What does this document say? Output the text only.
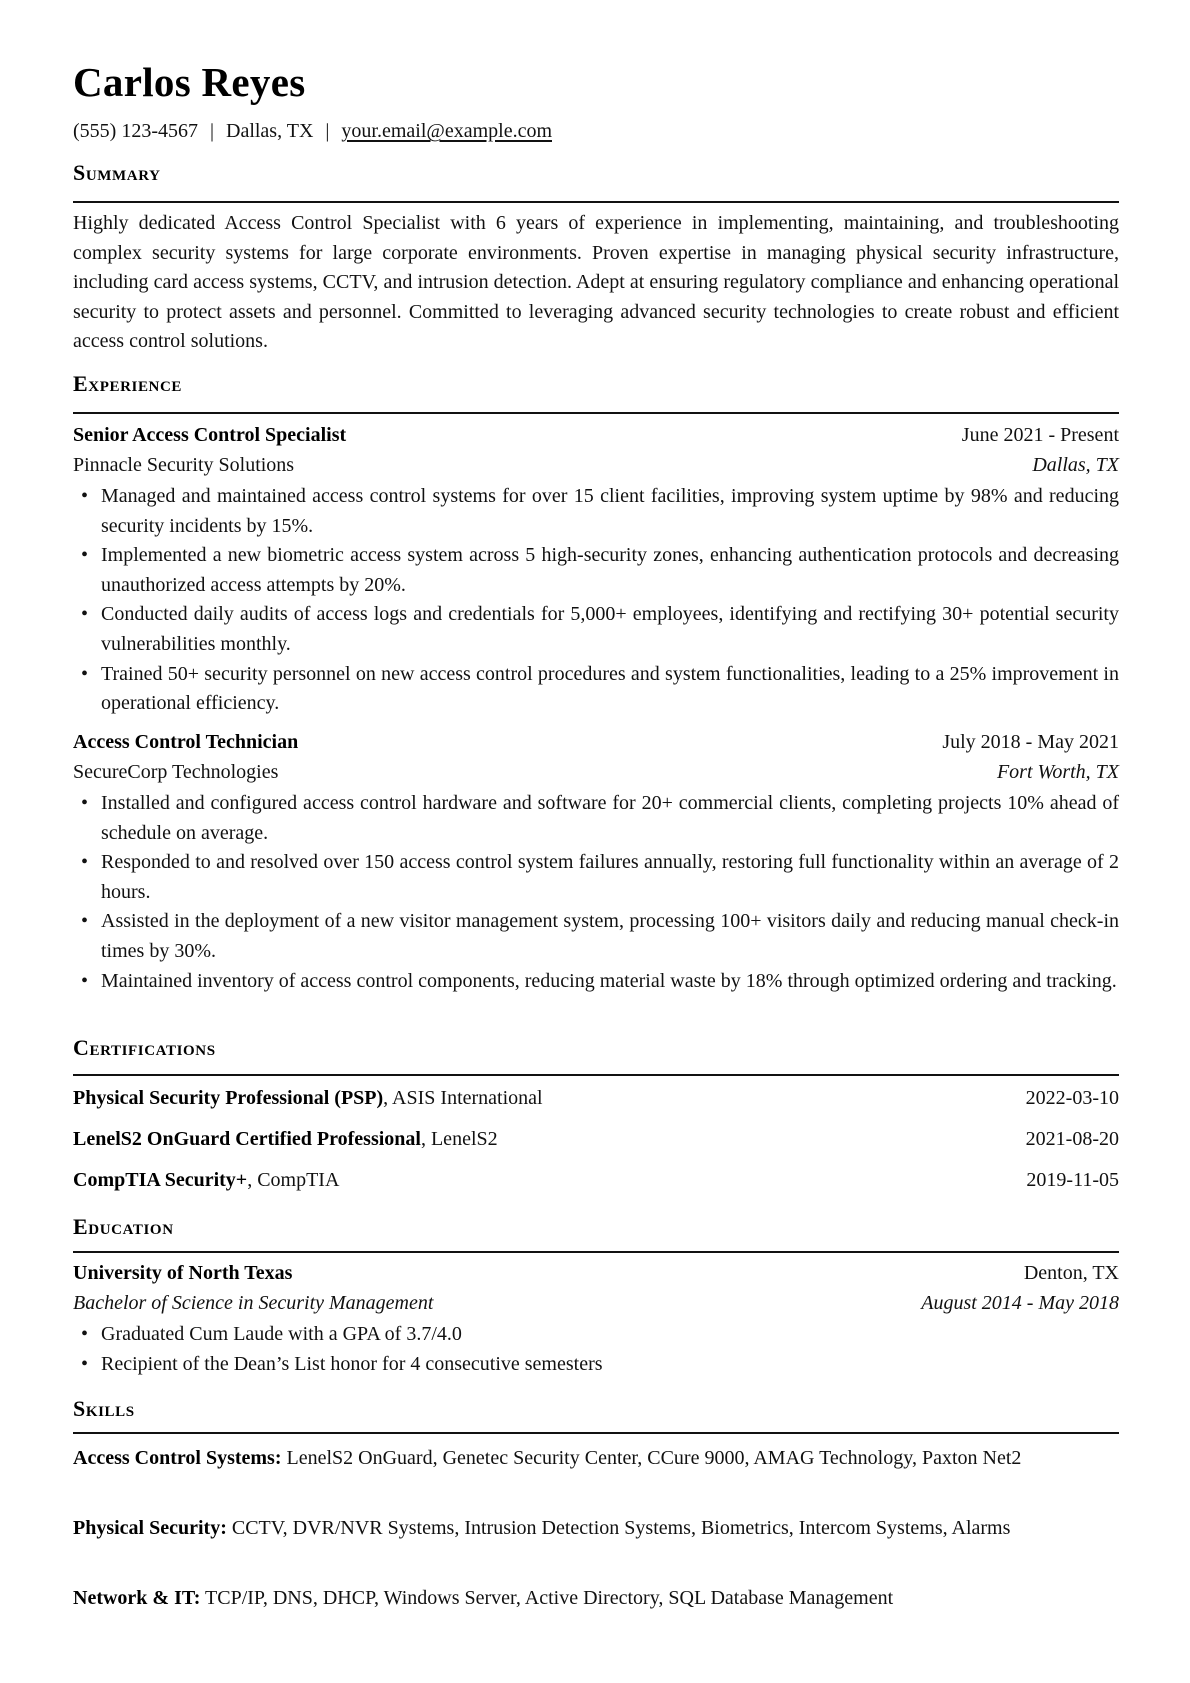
Carlos Reyes
(555) 123-4567 | Dallas, TX | your.email@example.com
Summary
Highly dedicated Access Control Specialist with 6 years of experience in implementing, maintaining, and troubleshooting complex security systems for large corporate environments. Proven expertise in managing physical security infrastructure, including card access systems, CCTV, and intrusion detection. Adept at ensuring regulatory compliance and enhancing operational security to protect assets and personnel. Committed to leveraging advanced security technologies to create robust and efficient access control solutions.
Experience
Senior Access Control Specialist	June 2021 - Present
Pinnacle Security Solutions	Dallas, TX
• Managed and maintained access control systems for over 15 client facilities, improving system uptime by 98% and reducing security incidents by 15%.
• Implemented a new biometric access system across 5 high-security zones, enhancing authentication protocols and decreasing unauthorized access attempts by 20%.
• Conducted daily audits of access logs and credentials for 5,000+ employees, identifying and rectifying 30+ potential security vulnerabilities monthly.
• Trained 50+ security personnel on new access control procedures and system functionalities, leading to a 25% improvement in operational efficiency.
Access Control Technician	July 2018 - May 2021
SecureCorp Technologies	Fort Worth, TX
• Installed and configured access control hardware and software for 20+ commercial clients, completing projects 10% ahead of schedule on average.
• Responded to and resolved over 150 access control system failures annually, restoring full functionality within an average of 2 hours.
• Assisted in the deployment of a new visitor management system, processing 100+ visitors daily and reducing manual check-in times by 30%.
• Maintained inventory of access control components, reducing material waste by 18% through optimized ordering and tracking.
Certifications
Physical Security Professional (PSP), ASIS International	2022-03-10
LenelS2 OnGuard Certified Professional, LenelS2	2021-08-20
CompTIA Security+, CompTIA	2019-11-05
Education
University of North Texas	Denton, TX
Bachelor of Science in Security Management	August 2014 - May 2018
• Graduated Cum Laude with a GPA of 3.7/4.0
• Recipient of the Dean’s List honor for 4 consecutive semesters
Skills
Access Control Systems: LenelS2 OnGuard, Genetec Security Center, CCure 9000, AMAG Technology, Paxton Net2
Physical Security: CCTV, DVR/NVR Systems, Intrusion Detection Systems, Biometrics, Intercom Systems, Alarms
Network & IT: TCP/IP, DNS, DHCP, Windows Server, Active Directory, SQL Database Management
